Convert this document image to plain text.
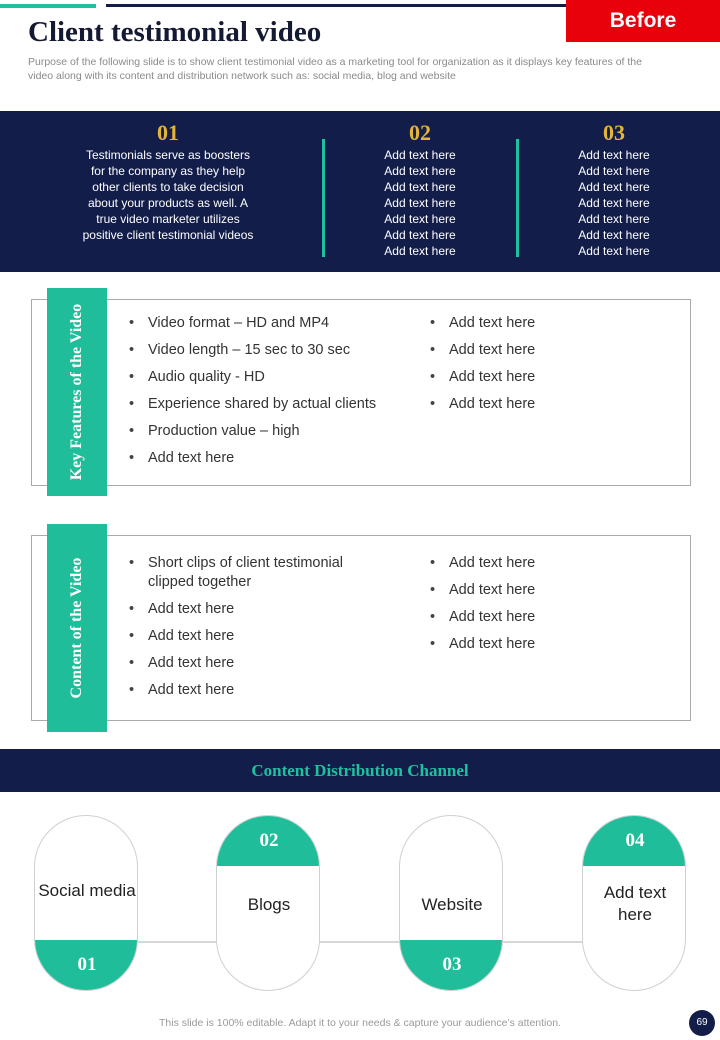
Before
Client testimonial video

Purpose of the following slide is to show client testimonial video as a marketing tool for organization as it displays key features of the video along with its content and distribution network such as: social media, blog and website

01
Testimonials serve as boosters
for the company as they help
other clients to take decision
about your products as well. A
true video marketer utilizes
positive client testimonial videos
02
Add text here
Add text here
Add text here
Add text here
Add text here
Add text here
Add text here
03
Add text here
Add text here
Add text here
Add text here
Add text here
Add text here
Add text here
• Video format – HD and MP4
• Video length – 15 sec to 30 sec
• Audio quality - HD
• Experience shared by actual clients
• Production value – high
• Add text here
• Add text here
• Add text here
• Add text here
• Add text here
Key Features of the Video
• Short clips of client testimonial clipped together
• Add text here
• Add text here
• Add text here
• Add text here
• Add text here
• Add text here
• Add text here
• Add text here
Content of the Video
Content Distribution Channel
Social media
01
02
Blogs	Website
03
04
Add text here
This slide is 100% editable. Adapt it to your needs & capture your audience’s attention.	69
